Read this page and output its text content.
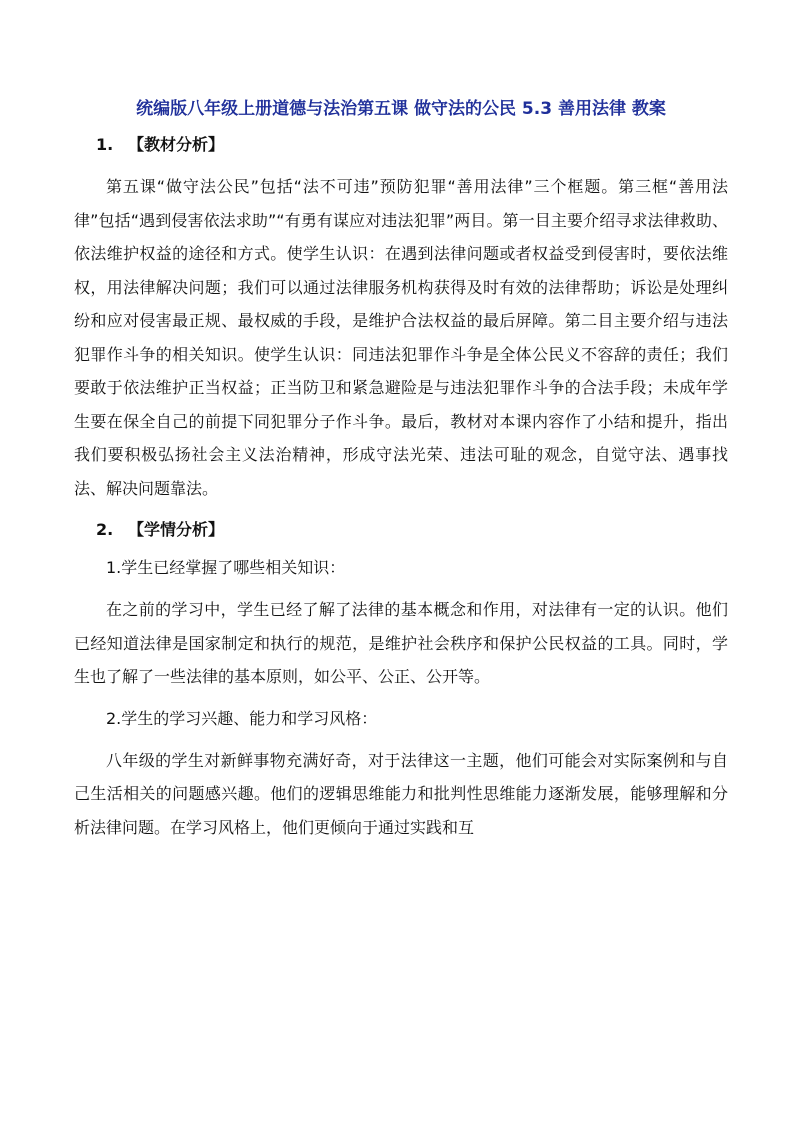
统编版八年级上册道德与法治第五课 做守法的公民 5.3 善用法律 教案
1. 【教材分析】

第五课“做守法公民”包括“法不可违”预防犯罪“善用法律”三个框题。第三框“善用法律”包括“遇到侵害依法求助”“有勇有谋应对违法犯罪”两目。第一目主要介绍寻求法律救助、依法维护权益的途径和方式。使学生认识：在遇到法律问题或者权益受到侵害时，要依法维权，用法律解决问题；我们可以通过法律服务机构获得及时有效的法律帮助；诉讼是处理纠纷和应对侵害最正规、最权威的手段，是维护合法权益的最后屏障。第二目主要介绍与违法犯罪作斗争的相关知识。使学生认识：同违法犯罪作斗争是全体公民义不容辞的责任；我们要敢于依法维护正当权益；正当防卫和紧急避险是与违法犯罪作斗争的合法手段；未成年学生要在保全自己的前提下同犯罪分子作斗争。最后，教材对本课内容作了小结和提升，指出我们要积极弘扬社会主义法治精神，形成守法光荣、违法可耻的观念，自觉守法、遇事找法、解决问题靠法。

2. 【学情分析】
1.学生已经掌握了哪些相关知识：

在之前的学习中，学生已经了解了法律的基本概念和作用，对法律有一定的认识。他们已经知道法律是国家制定和执行的规范，是维护社会秩序和保护公民权益的工具。同时，学生也了解了一些法律的基本原则，如公平、公正、公开等。

2.学生的学习兴趣、能力和学习风格：

八年级的学生对新鲜事物充满好奇，对于法律这一主题，他们可能会对实际案例和与自己生活相关的问题感兴趣。他们的逻辑思维能力和批判性思维能力逐渐发展，能够理解和分析法律问题。在学习风格上，他们更倾向于通过实践和互
